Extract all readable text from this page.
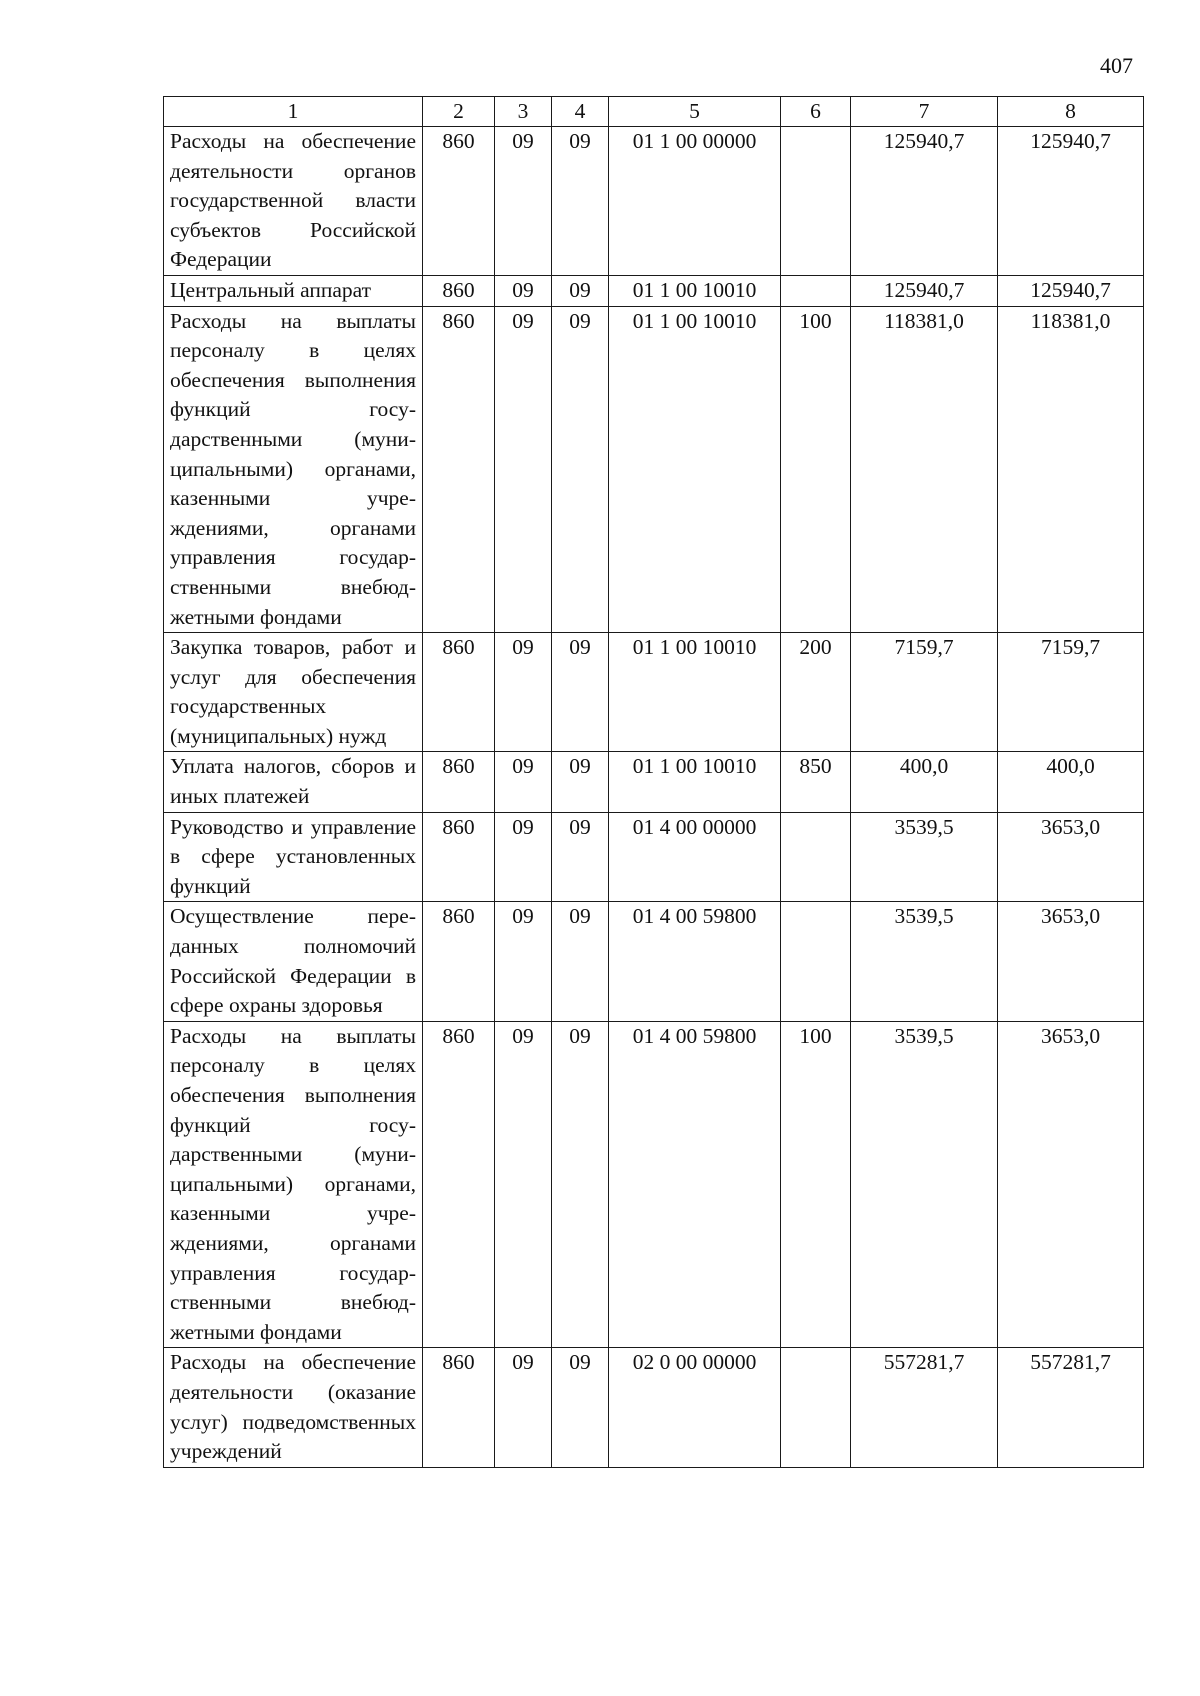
407
1	2	3	4	5	6	7	8
Расходы на обеспечение деятельности органов государственной власти субъектов Российской Федерации	860	09	09	01 1 00 00000		125940,7	125940,7
Центральный аппарат	860	09	09	01 1 00 10010		125940,7	125940,7
Расходы на выплаты персоналу в целях обеспечения выполнения функций государственными (муниципальными) органами, казенными учреждениями, органами управления государственными внебюджетными фондами	860	09	09	01 1 00 10010	100	118381,0	118381,0
Закупка товаров, работ и услуг для обеспечения государственных (муниципальных) нужд	860	09	09	01 1 00 10010	200	7159,7	7159,7
Уплата налогов, сборов и иных платежей	860	09	09	01 1 00 10010	850	400,0	400,0
Руководство и управление в сфере установленных функций	860	09	09	01 4 00 00000		3539,5	3653,0
Осуществление переданных полномочий Российской Федерации в сфере охраны здоровья	860	09	09	01 4 00 59800		3539,5	3653,0
Расходы на выплаты персоналу в целях обеспечения выполнения функций государственными (муниципальными) органами, казенными учреждениями, органами управления государственными внебюджетными фондами	860	09	09	01 4 00 59800	100	3539,5	3653,0
Расходы на обеспечение деятельности (оказание услуг) подведомственных учреждений	860	09	09	02 0 00 00000		557281,7	557281,7
